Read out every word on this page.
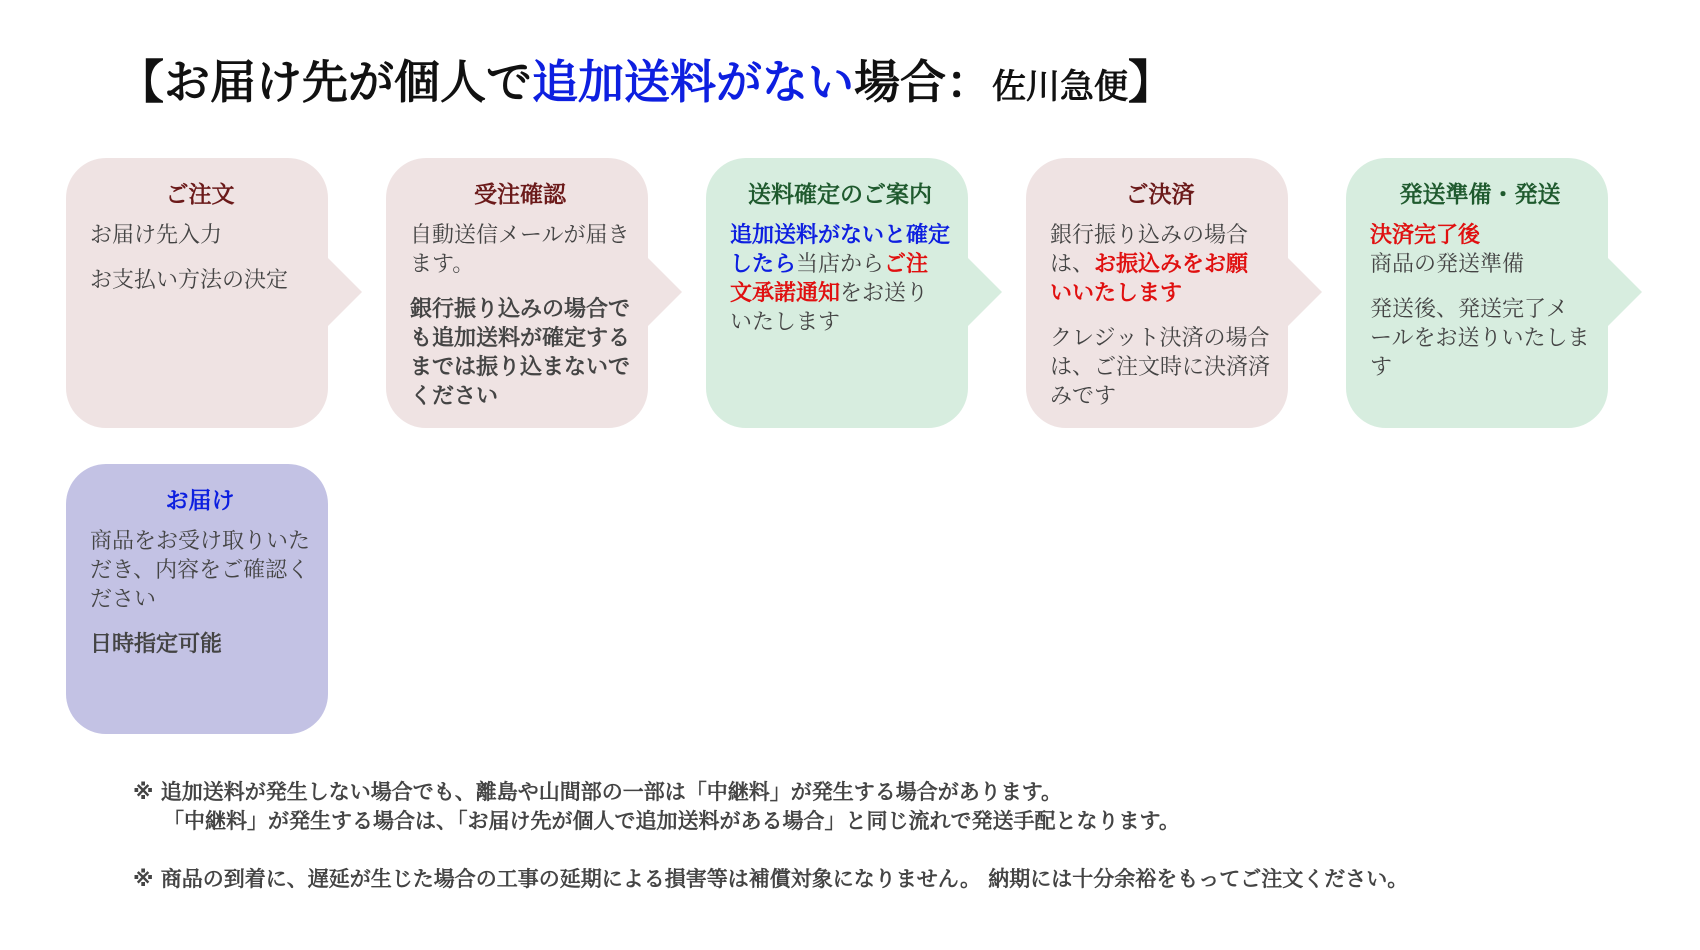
【お届け先が個人で追加送料がない場合：佐川急便】
ご注文

お届け先入力

お支払い方法の決定

受注確認

自動送信メールが届きます。

銀行振り込みの場合でも追加送料が確定するまでは振り込まないでください

送料確定のご案内

追加送料がないと確定したら当店からご注文承諾通知をお送りいたします

ご決済

銀行振り込みの場合は、お振込みをお願いいたします

クレジット決済の場合は、ご注文時に決済済みです

発送準備・発送

決済完了後
商品の発送準備

発送後、発送完了メールをお送りいたします

お届け

商品をお受け取りいただき、内容をご確認ください

日時指定可能

※ 追加送料が発生しない場合でも、離島や山間部の一部は「中継料」が発生する場合があります。
「中継料」が発生する場合は、「お届け先が個人で追加送料がある場合」と同じ流れで発送手配となります。
※ 商品の到着に、遅延が生じた場合の工事の延期による損害等は補償対象になりません。 納期には十分余裕をもってご注文ください。
